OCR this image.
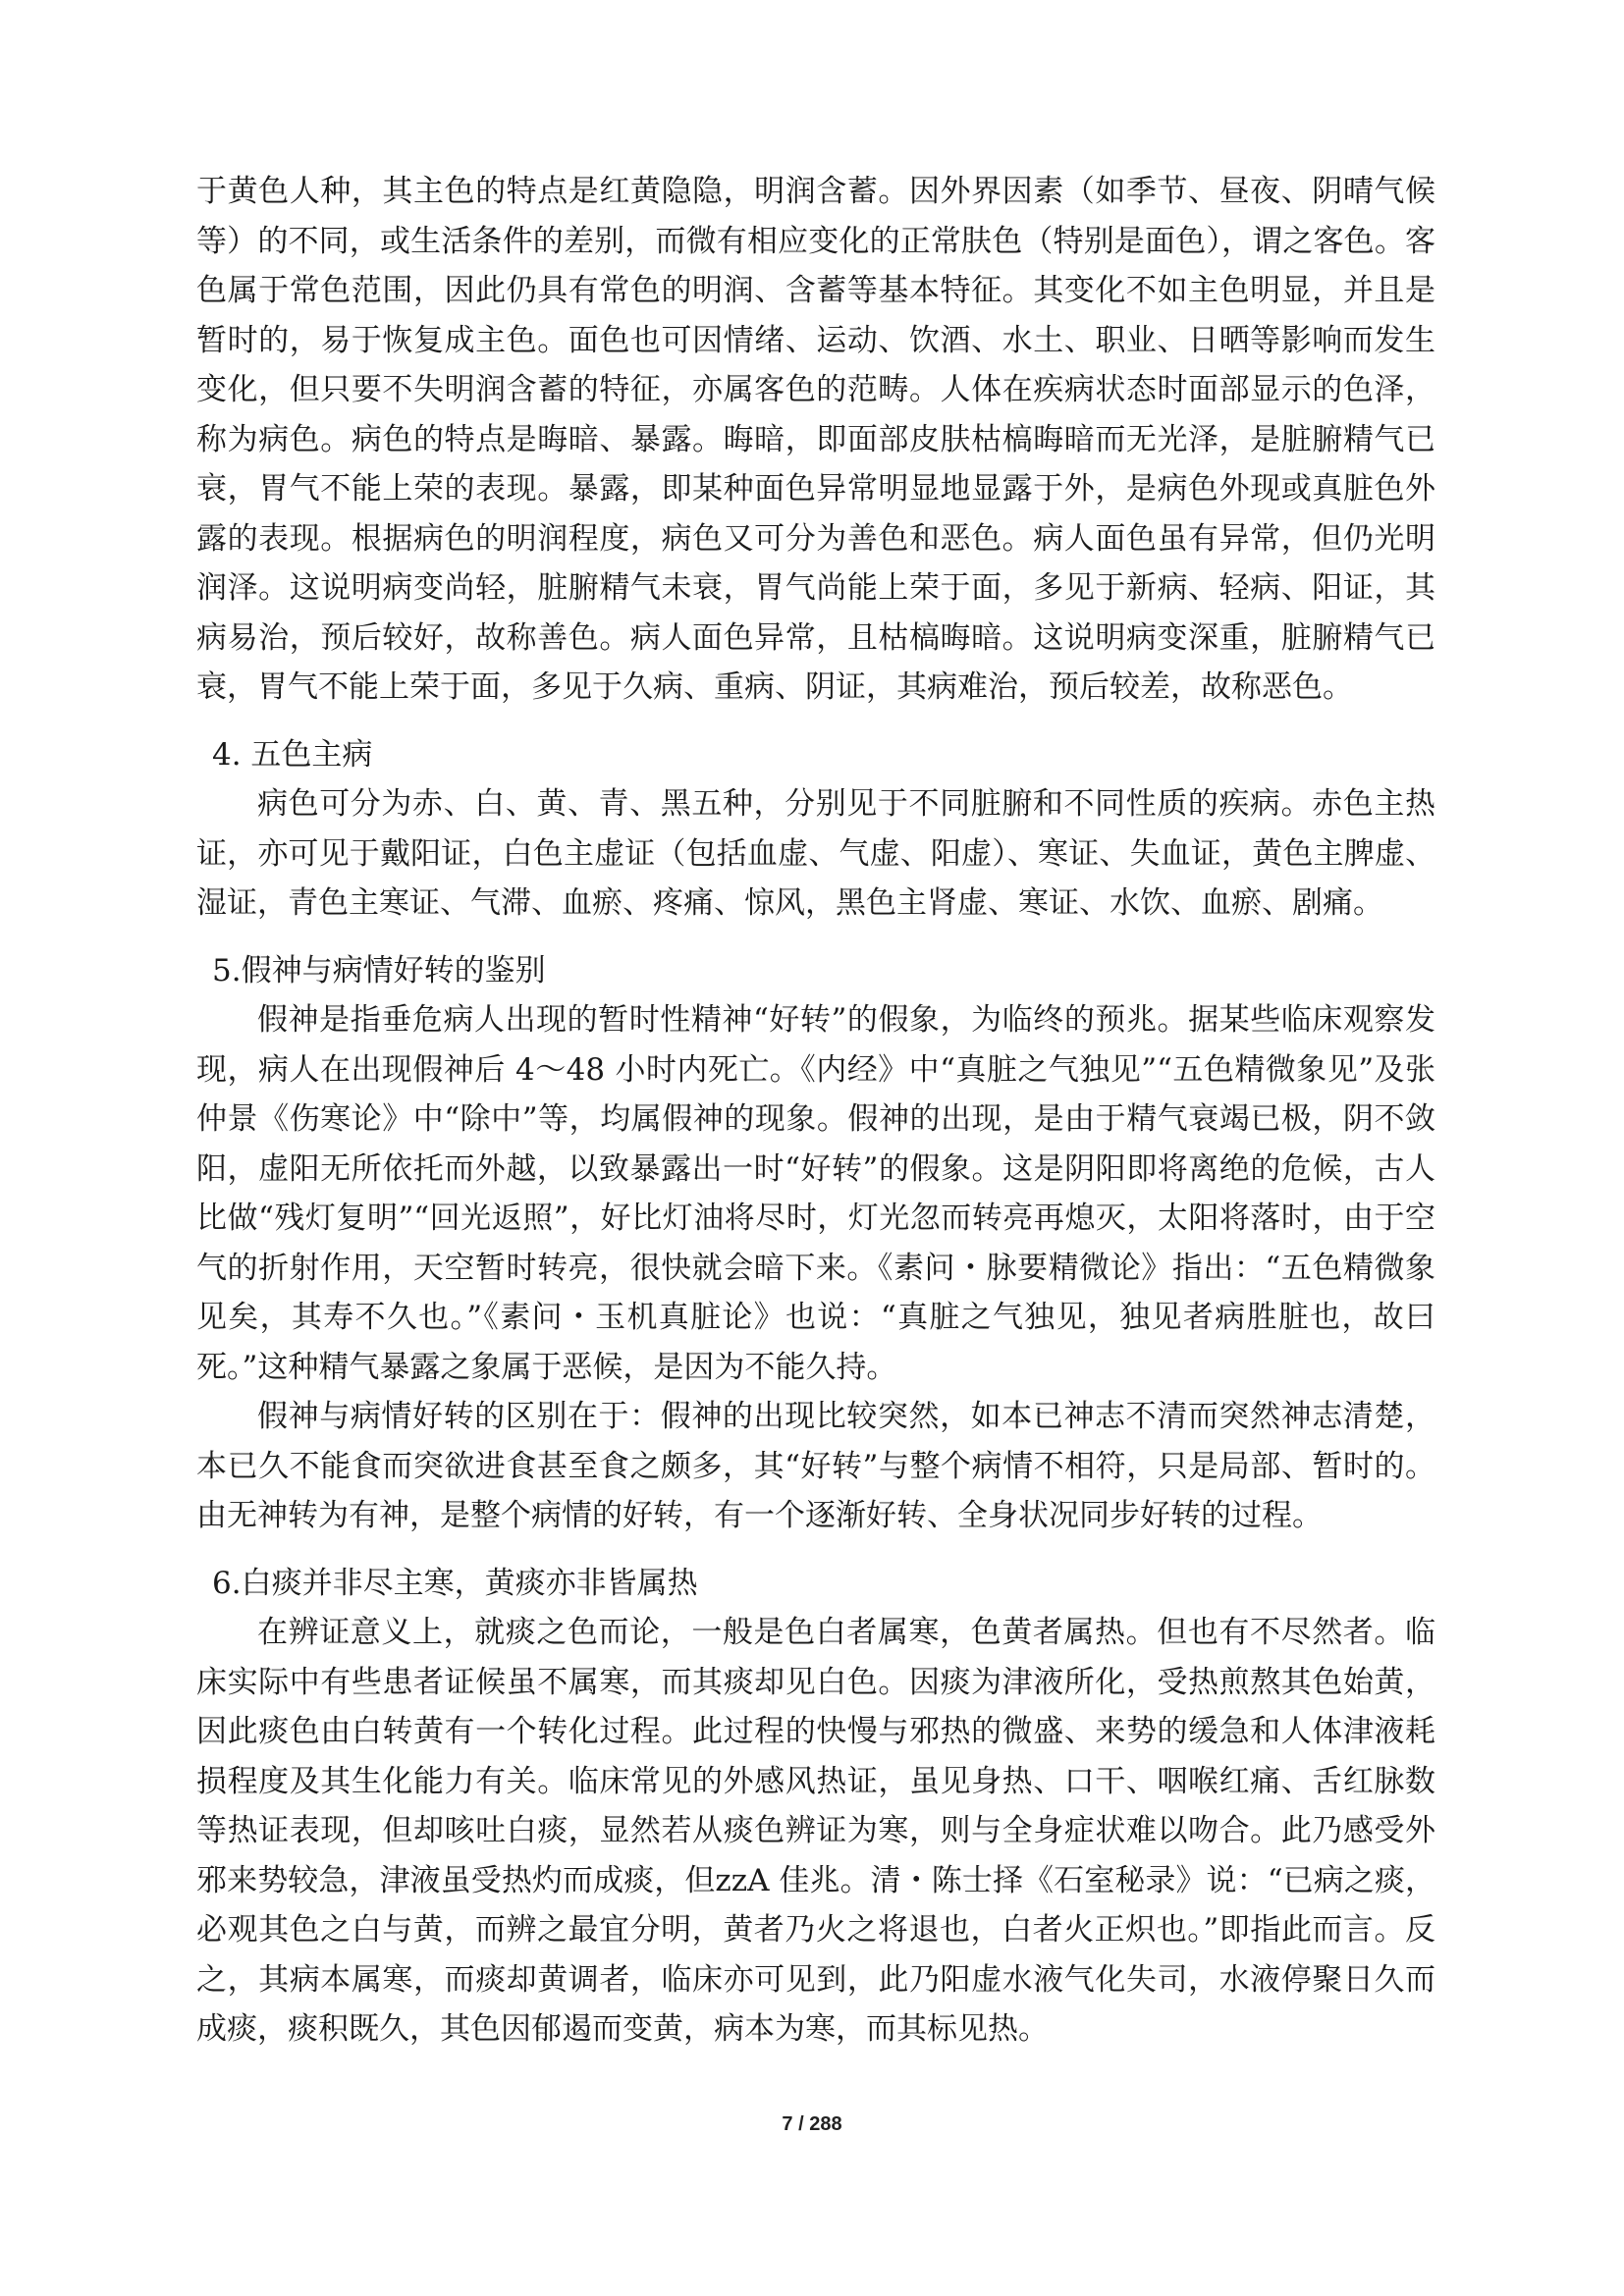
于黄色人种，其主色的特点是红黄隐隐，明润含蓄。因外界因素（如季节、昼夜、阴晴气候等）的不同，或生活条件的差别，而微有相应变化的正常肤色（特别是面色），谓之客色。客色属于常色范围，因此仍具有常色的明润、含蓄等基本特征。其变化不如主色明显，并且是暂时的，易于恢复成主色。面色也可因情绪、运动、饮酒、水土、职业、日晒等影响而发生变化，但只要不失明润含蓄的特征，亦属客色的范畴。人体在疾病状态时面部显示的色泽，称为病色。病色的特点是晦暗、暴露。晦暗，即面部皮肤枯槁晦暗而无光泽，是脏腑精气已衰，胃气不能上荣的表现。暴露，即某种面色异常明显地显露于外，是病色外现或真脏色外露的表现。根据病色的明润程度，病色又可分为善色和恶色。病人面色虽有异常，但仍光明润泽。这说明病变尚轻，脏腑精气未衰，胃气尚能上荣于面，多见于新病、轻病、阳证，其病易治，预后较好，故称善色。病人面色异常，且枯槁晦暗。这说明病变深重，脏腑精气已衰，胃气不能上荣于面，多见于久病、重病、阴证，其病难治，预后较差，故称恶色。

4. 五色主病

病色可分为赤、白、黄、青、黑五种，分别见于不同脏腑和不同性质的疾病。赤色主热证，亦可见于戴阳证，白色主虚证（包括血虚、气虚、阳虚）、寒证、失血证，黄色主脾虚、湿证，青色主寒证、气滞、血瘀、疼痛、惊风，黑色主肾虚、寒证、水饮、血瘀、剧痛。

5.假神与病情好转的鉴别

假神是指垂危病人出现的暂时性精神“好转”的假象，为临终的预兆。据某些临床观察发现，病人在出现假神后 4～48 小时内死亡。《内经》中“真脏之气独见”“五色精微象见”及张仲景《伤寒论》中“除中”等，均属假神的现象。假神的出现，是由于精气衰竭已极，阴不敛阳，虚阳无所依托而外越，以致暴露出一时“好转”的假象。这是阴阳即将离绝的危候，古人比做“残灯复明”“回光返照”，好比灯油将尽时，灯光忽而转亮再熄灭，太阳将落时，由于空气的折射作用，天空暂时转亮，很快就会暗下来。《素问・脉要精微论》指出：“五色精微象见矣，其寿不久也。”《素问・玉机真脏论》也说：“真脏之气独见，独见者病胜脏也，故曰死。”这种精气暴露之象属于恶候，是因为不能久持。

假神与病情好转的区别在于：假神的出现比较突然，如本已神志不清而突然神志清楚，本已久不能食而突欲进食甚至食之颇多，其“好转”与整个病情不相符，只是局部、暂时的。由无神转为有神，是整个病情的好转，有一个逐渐好转、全身状况同步好转的过程。

6.白痰并非尽主寒，黄痰亦非皆属热

在辨证意义上，就痰之色而论，一般是色白者属寒，色黄者属热。但也有不尽然者。临床实际中有些患者证候虽不属寒，而其痰却见白色。因痰为津液所化，受热煎熬其色始黄，因此痰色由白转黄有一个转化过程。此过程的快慢与邪热的微盛、来势的缓急和人体津液耗损程度及其生化能力有关。临床常见的外感风热证，虽见身热、口干、咽喉红痛、舌红脉数等热证表现，但却咳吐白痰，显然若从痰色辨证为寒，则与全身症状难以吻合。此乃感受外邪来势较急，津液虽受热灼而成痰，但zzA 佳兆。清・陈士择《石室秘录》说：“已病之痰，必观其色之白与黄，而辨之最宜分明，黄者乃火之将退也，白者火正炽也。”即指此而言。反之，其病本属寒，而痰却黄调者，临床亦可见到，此乃阳虚水液气化失司，水液停聚日久而成痰，痰积既久，其色因郁遏而变黄，病本为寒，而其标见热。

7 / 288
